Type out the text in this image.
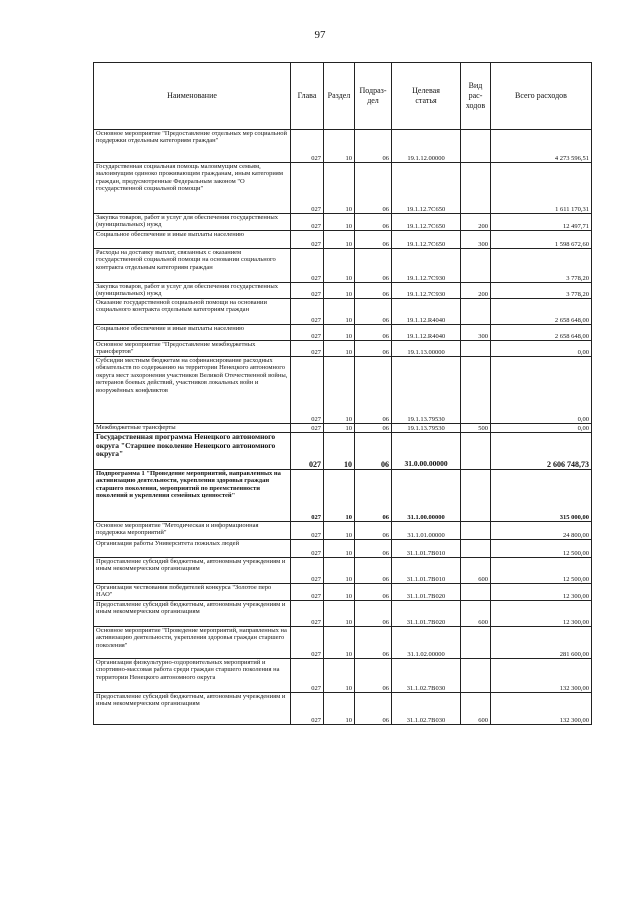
97
Наименование	Глава	Раздел	Подраз-
дел	Целевая
статья	Вид
рас-
ходов	Всего расходов
Основное мероприятие "Предоставление отдельных мер социальной поддержки отдельным категориям граждан"	027	10	06	19.1.12.00000		4 273 596,51
Государственная социальная помощь малоимущим семьям, малоимущим одиноко проживающим гражданам, иным категориям граждан, предусмотренные Федеральным законом "О государственной социальной помощи"	027	10	06	19.1.12.7С650		1 611 170,31
Закупка товаров, работ и услуг для обеспечения государственных (муниципальных) нужд	027	10	06	19.1.12.7С650	200	12 497,71
Социальное обеспечение и иные выплаты населению	027	10	06	19.1.12.7С650	300	1 598 672,60
Расходы на доставку выплат, связанных с оказанием государственной социальной помощи на основании социального контракта отдельным категориям граждан	027	10	06	19.1.12.7С930		3 778,20
Закупка товаров, работ и услуг для обеспечения государственных (муниципальных) нужд	027	10	06	19.1.12.7С930	200	3 778,20
Оказание государственной социальной помощи на основании социального контракта отдельным категориям граждан	027	10	06	19.1.12.R4040		2 658 648,00
Социальное обеспечение и иные выплаты населению	027	10	06	19.1.12.R4040	300	2 658 648,00
Основное мероприятие "Предоставление межбюджетных трансфертов"	027	10	06	19.1.13.00000		0,00
Субсидии местным бюджетам на софинансирование расходных обязательств по содержанию на территории Ненецкого автономного округа мест захоронения участников Великой Отечественной войны, ветеранов боевых действий, участников локальных войн и вооружённых конфликтов	027	10	06	19.1.13.79530		0,00
Межбюджетные трансферты	027	10	06	19.1.13.79530	500	0,00
Государственная программа Ненецкого автономного округа "Старшее поколение Ненецкого автономного округа"	027	10	06	31.0.00.00000		2 606 748,73
Подпрограмма 1 "Проведение мероприятий, направленных на активизацию деятельности, укрепления здоровья граждан старшего поколения, мероприятий по преемственности поколений и укрепления семейных ценностей"	027	10	06	31.1.00.00000		315 000,00
Основное мероприятие "Методическая и информационная поддержка мероприятий"	027	10	06	31.1.01.00000		24 800,00
Организация работы Университета пожилых людей	027	10	06	31.1.01.7В010		12 500,00
Предоставление субсидий бюджетным, автономным учреждениям и иным некоммерческим организациям	027	10	06	31.1.01.7В010	600	12 500,00
Организация чествования победителей конкурса "Золотое перо НАО"	027	10	06	31.1.01.7В020		12 300,00
Предоставление субсидий бюджетным, автономным учреждениям и иным некоммерческим организациям	027	10	06	31.1.01.7В020	600	12 300,00
Основное мероприятие "Проведение мероприятий, направленных на активизацию деятельности, укрепления здоровья граждан старшего поколения"	027	10	06	31.1.02.00000		281 600,00
Организация физкультурно-оздоровительных мероприятий и спортивно-массовая работа среди граждан старшего поколения на территории Ненецкого автономного округа	027	10	06	31.1.02.7В030		132 300,00
Предоставление субсидий бюджетным, автономным учреждениям и иным некоммерческим организациям	027	10	06	31.1.02.7В030	600	132 300,00
